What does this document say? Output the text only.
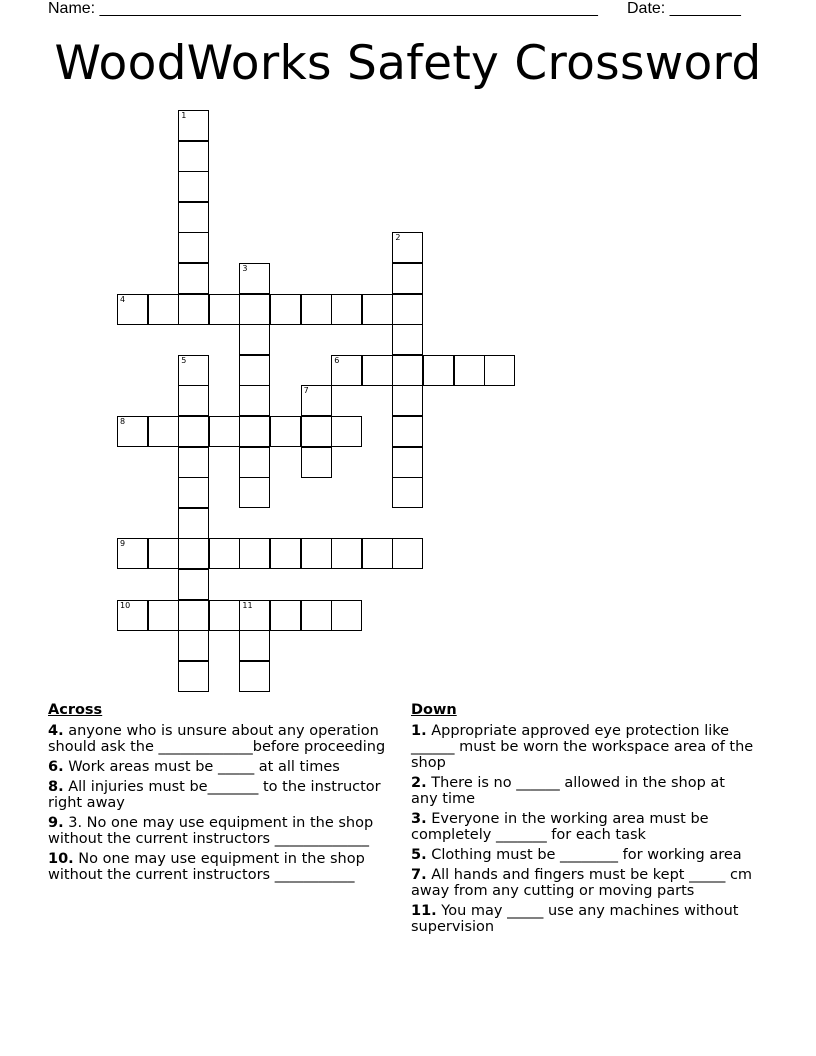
Name: ________________________________________________________ Date: ________
WoodWorks Safety Crossword
1
2
3
4
5	6
7
8
9
10	11
Across
4. anyone who is unsure about any operation should ask the _____________before proceeding
6. Work areas must be _____ at all times
8. All injuries must be_______ to the instructor right away
9. 3. No one may use equipment in the shop without the current instructors _____________
10. No one may use equipment in the shop without the current instructors ___________
Down
1. Appropriate approved eye protection like ______ must be worn the workspace area of the shop
2. There is no ______ allowed in the shop at any time
3. Everyone in the working area must be completely _______ for each task
5. Clothing must be ________ for working area
7. All hands and fingers must be kept _____ cm away from any cutting or moving parts
11. You may _____ use any machines without supervision
